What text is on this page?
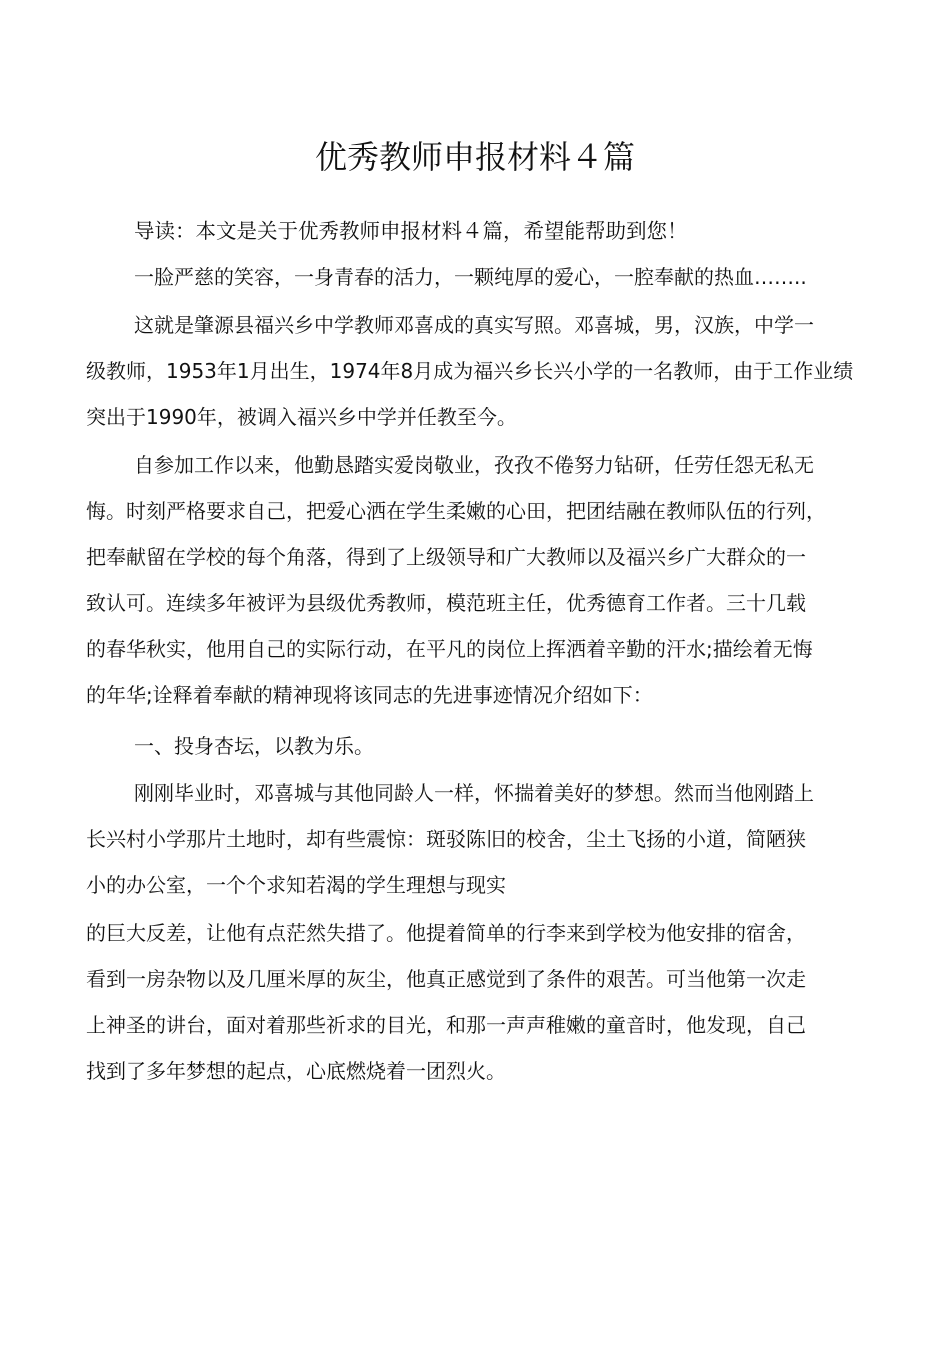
优秀教师申报材料４篇

导读：本文是关于优秀教师申报材料４篇，希望能帮助到您！

一脸严慈的笑容，一身青春的活力，一颗纯厚的爱心，一腔奉献的热血……..

这就是肇源县福兴乡中学教师邓喜成的真实写照。邓喜城，男，汉族，中学一
级教师，1953年1月出生，1974年8月成为福兴乡长兴小学的一名教师，由于工作业绩
突出于1990年，被调入福兴乡中学并任教至今。

自参加工作以来，他勤恳踏实爱岗敬业，孜孜不倦努力钻研，任劳任怨无私无
悔。时刻严格要求自己，把爱心洒在学生柔嫩的心田，把团结融在教师队伍的行列，
把奉献留在学校的每个角落，得到了上级领导和广大教师以及福兴乡广大群众的一
致认可。连续多年被评为县级优秀教师，模范班主任，优秀德育工作者。三十几载
的春华秋实，他用自己的实际行动，在平凡的岗位上挥洒着辛勤的汗水;描绘着无悔
的年华;诠释着奉献的精神现将该同志的先进事迹情况介绍如下：

一、投身杏坛，以教为乐。

刚刚毕业时，邓喜城与其他同龄人一样，怀揣着美好的梦想。然而当他刚踏上
长兴村小学那片土地时，却有些震惊：斑驳陈旧的校舍，尘土飞扬的小道，简陋狭
小的办公室，一个个求知若渴的学生理想与现实

的巨大反差，让他有点茫然失措了。他提着简单的行李来到学校为他安排的宿舍，
看到一房杂物以及几厘米厚的灰尘，他真正感觉到了条件的艰苦。可当他第一次走
上神圣的讲台，面对着那些祈求的目光，和那一声声稚嫩的童音时，他发现，自己
找到了多年梦想的起点，心底燃烧着一团烈火。
